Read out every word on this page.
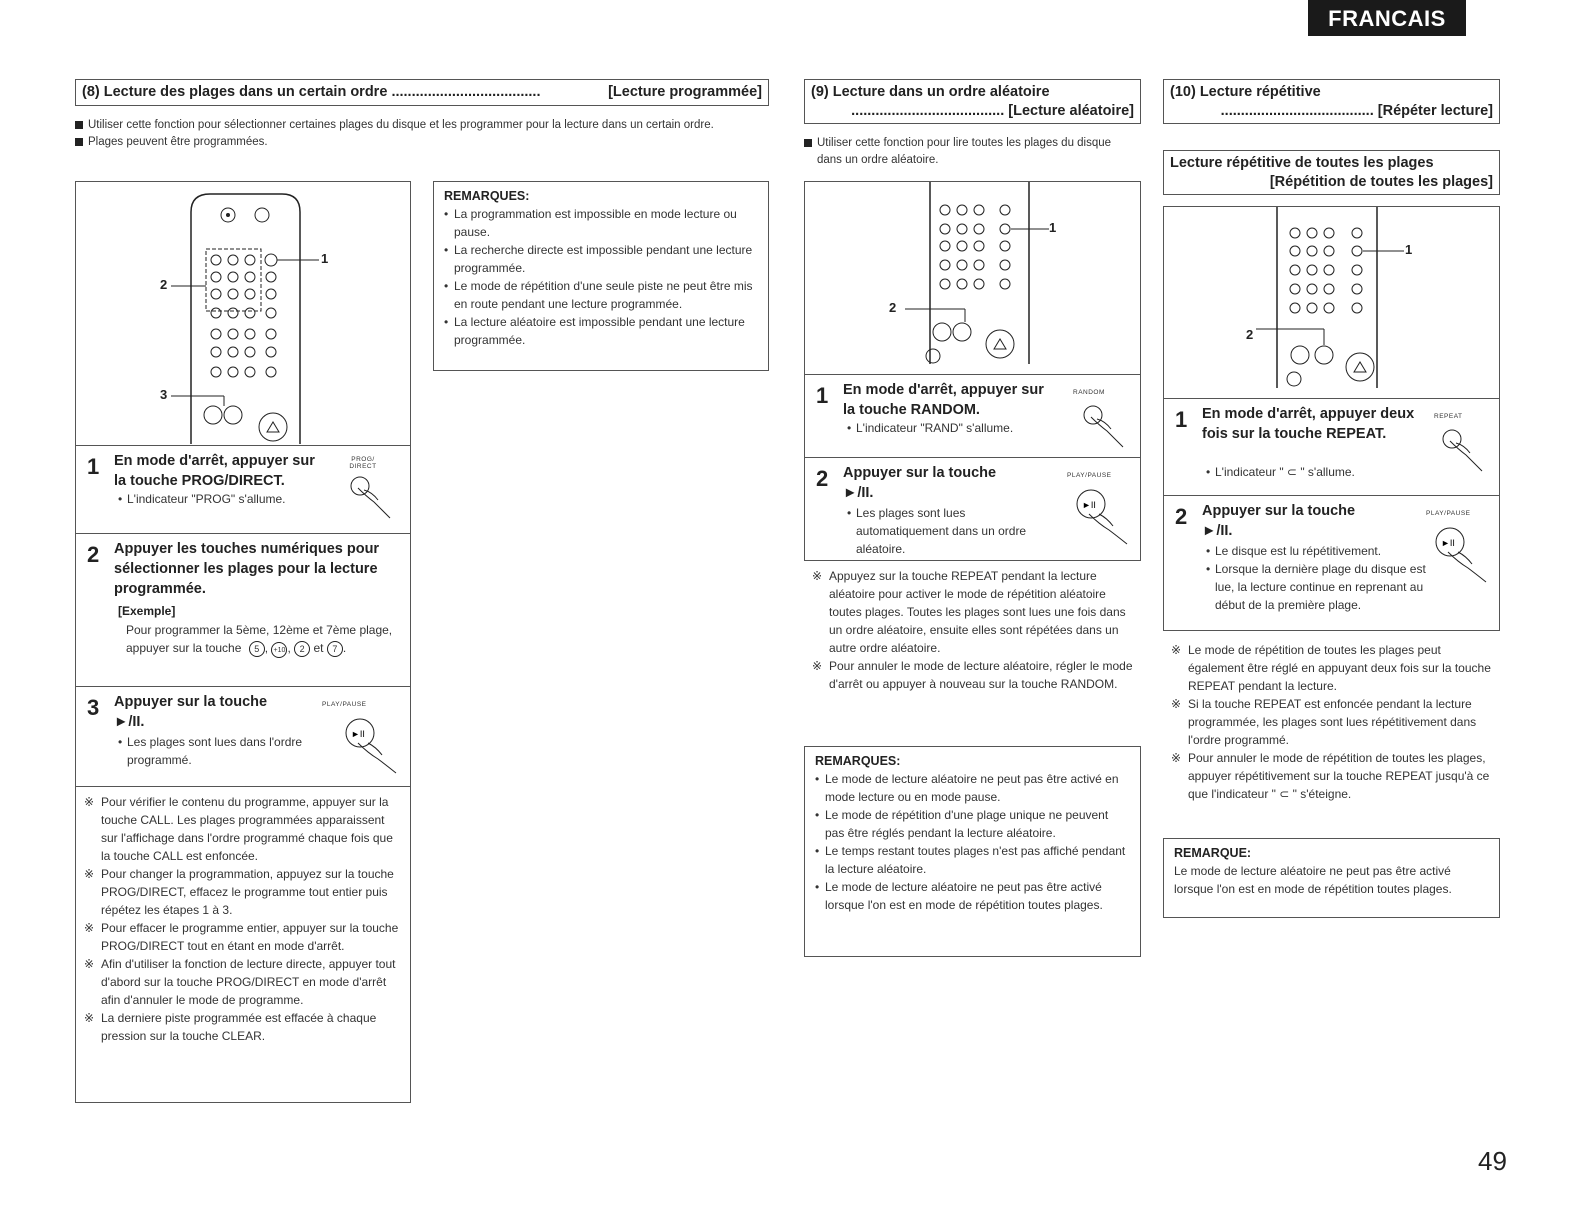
FRANCAIS
49
(8) Lecture des plages dans un certain ordre .....................................	[Lecture programmée]

Utiliser cette fonction pour sélectionner certaines plages du disque et les programmer pour la lecture dans un certain ordre.

Plages peuvent être programmées.

1
2
3
1 En mode d'arrêt, appuyer sur la touche PROG/DIRECT.
• L'indicateur "PROG" s'allume.
PROG/ DIRECT
2 Appuyer les touches numériques pour sélectionner les plages pour la lecture programmée.
[Exemple]
Pour programmer la 5ème, 12ème et 7ème plage, appuyer sur la touche 5 , +10 , 2 et 7 .
3 Appuyer sur la touche
►/II.
• Les plages sont lues dans l'ordre programmé.
PLAY/PAUSE
►II
※ Pour vérifier le contenu du programme, appuyer sur la touche CALL. Les plages programmées apparaissent sur l'affichage dans l'ordre programmé chaque fois que la touche CALL est enfoncée.
※ Pour changer la programmation, appuyez sur la touche PROG/DIRECT, effacez le programme tout entier puis répétez les étapes 1 à 3.
※ Pour effacer le programme entier, appuyer sur la touche PROG/DIRECT tout en étant en mode d'arrêt.
※ Afin d'utiliser la fonction de lecture directe, appuyer tout d'abord sur la touche PROG/DIRECT en mode d'arrêt afin d'annuler le mode de programme.
※ La derniere piste programmée est effacée à chaque pression sur la touche CLEAR.
REMARQUES:
• La programmation est impossible en mode lecture ou pause.
• La recherche directe est impossible pendant une lecture programmée.
• Le mode de répétition d'une seule piste ne peut être mis en route pendant une lecture programmée.
• La lecture aléatoire est impossible pendant une lecture programmée.
(9) Lecture dans un ordre aléatoire
...................................... [Lecture aléatoire]

Utiliser cette fonction pour lire toutes les plages du disque dans un ordre aléatoire.

1
2
1 En mode d'arrêt, appuyer sur la touche RANDOM.
• L'indicateur "RAND" s'allume.
RANDOM
2 Appuyer sur la touche
►/II.
• Les plages sont lues automatiquement dans un ordre aléatoire.
PLAY/PAUSE
►II
※ Appuyez sur la touche REPEAT pendant la lecture aléatoire pour activer le mode de répétition aléatoire toutes plages. Toutes les plages sont lues une fois dans un ordre aléatoire, ensuite elles sont répétées dans un autre ordre aléatoire.
※ Pour annuler le mode de lecture aléatoire, régler le mode d'arrêt ou appuyer à nouveau sur la touche RANDOM.
REMARQUES:
• Le mode de lecture aléatoire ne peut pas être activé en mode lecture ou en mode pause.
• Le mode de répétition d'une plage unique ne peuvent pas être réglés pendant la lecture aléatoire.
• Le temps restant toutes plages n'est pas affiché pendant la lecture aléatoire.
• Le mode de lecture aléatoire ne peut pas être activé lorsque l'on est en mode de répétition toutes plages.
(10) Lecture répétitive
...................................... [Répéter lecture]
Lecture répétitive de toutes les plages
[Répétition de toutes les plages]
1
2
1 En mode d'arrêt, appuyer deux fois sur la touche REPEAT.
• L'indicateur " ⊂ " s'allume.
REPEAT
2 Appuyer sur la touche
►/II.
• Le disque est lu répétitivement.
• Lorsque la dernière plage du disque est lue, la lecture continue en reprenant au début de la première plage.
PLAY/PAUSE
►II
※ Le mode de répétition de toutes les plages peut également être réglé en appuyant deux fois sur la touche REPEAT pendant la lecture.
※ Si la touche REPEAT est enfoncée pendant la lecture programmée, les plages sont lues répétitivement dans l'ordre programmé.
※ Pour annuler le mode de répétition de toutes les plages, appuyer répétitivement sur la touche REPEAT jusqu'à ce que l'indicateur " ⊂ " s'éteigne.
REMARQUE:
Le mode de lecture aléatoire ne peut pas être activé lorsque l'on est en mode de répétition toutes plages.
